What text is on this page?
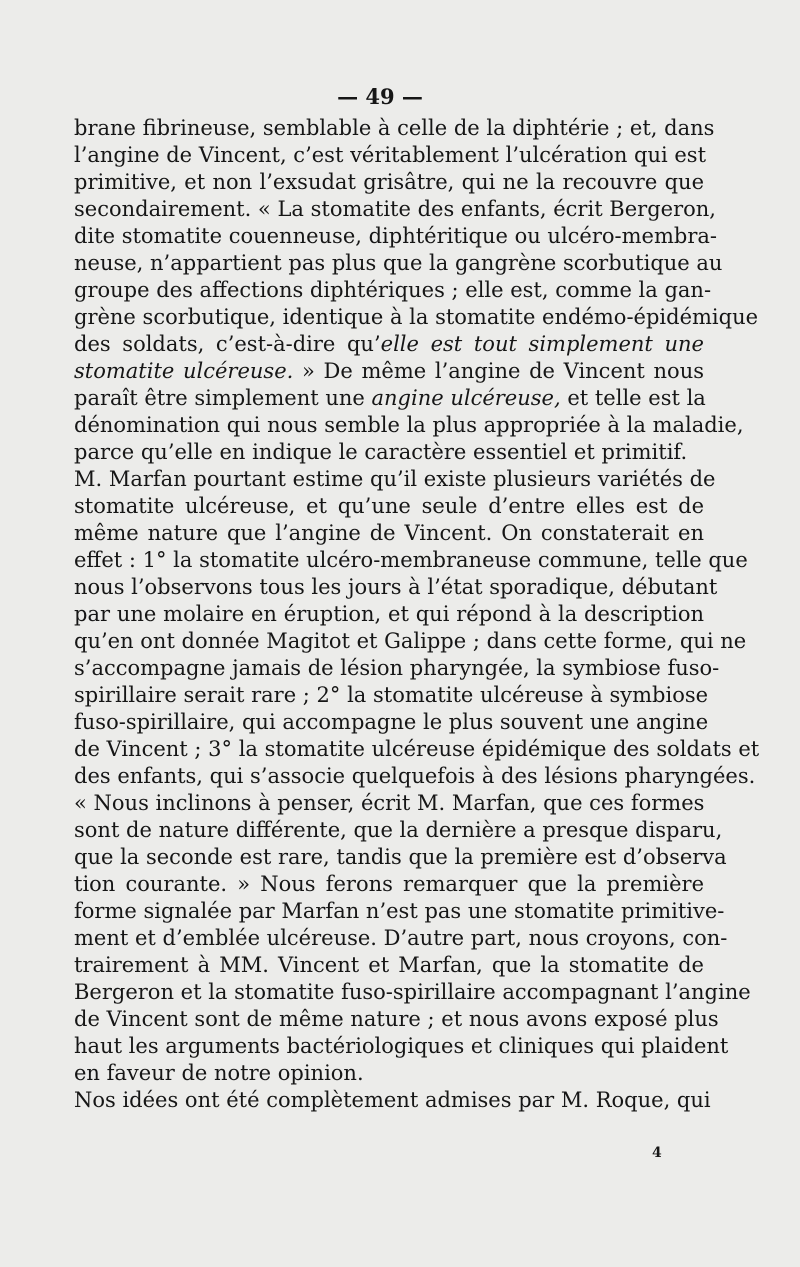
— 49 —
brane fibrineuse, semblable à celle de la diphtérie ; et, dans
l’angine de Vincent, c’est véritablement l’ulcération qui est
primitive, et non l’exsudat grisâtre, qui ne la recouvre que
secondairement. « La stomatite des enfants, écrit Bergeron,
dite stomatite couenneuse, diphtéritique ou ulcéro-membra-
neuse, n’appartient pas plus que la gangrène scorbutique au
groupe des affections diphtériques ; elle est, comme la gan-
grène scorbutique, identique à la stomatite endémo-épidémique
des soldats, c’est-à-dire qu’elle est tout simplement une
stomatite ulcéreuse. » De même l’angine de Vincent nous
paraît être simplement une angine ulcéreuse, et telle est la
dénomination qui nous semble la plus appropriée à la maladie,
parce qu’elle en indique le caractère essentiel et primitif.
M. Marfan pourtant estime qu’il existe plusieurs variétés de
stomatite ulcéreuse, et qu’une seule d’entre elles est de
même nature que l’angine de Vincent. On constaterait en
effet : 1° la stomatite ulcéro-membraneuse commune, telle que
nous l’observons tous les jours à l’état sporadique, débutant
par une molaire en éruption, et qui répond à la description
qu’en ont donnée Magitot et Galippe ; dans cette forme, qui ne
s’accompagne jamais de lésion pharyngée, la symbiose fuso-
spirillaire serait rare ; 2° la stomatite ulcéreuse à symbiose
fuso-spirillaire, qui accompagne le plus souvent une angine
de Vincent ; 3° la stomatite ulcéreuse épidémique des soldats et
des enfants, qui s’associe quelquefois à des lésions pharyngées.
« Nous inclinons à penser, écrit M. Marfan, que ces formes
sont de nature différente, que la dernière a presque disparu,
que la seconde est rare, tandis que la première est d’observa
tion courante. » Nous ferons remarquer que la première
forme signalée par Marfan n’est pas une stomatite primitive-
ment et d’emblée ulcéreuse. D’autre part, nous croyons, con-
trairement à MM. Vincent et Marfan, que la stomatite de
Bergeron et la stomatite fuso-spirillaire accompagnant l’angine
de Vincent sont de même nature ; et nous avons exposé plus
haut les arguments bactériologiques et cliniques qui plaident
en faveur de notre opinion.
Nos idées ont été complètement admises par M. Roque, qui
4
